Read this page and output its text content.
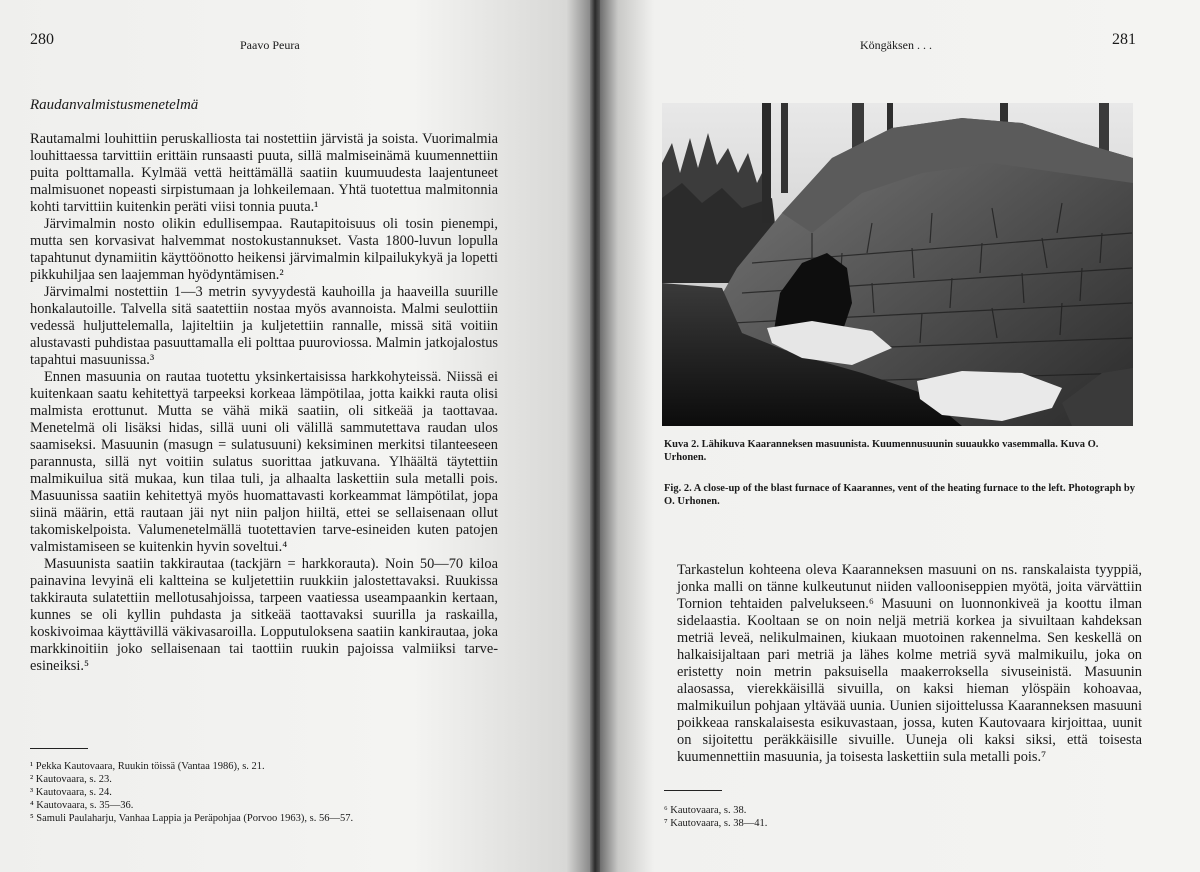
280	Paavo Peura
Raudanvalmistusmenetelmä

Rautamalmi louhittiin peruskalliosta tai nostettiin järvistä ja soista. Vuorimalmia louhittaessa tarvittiin erittäin runsaasti puuta, sillä malmiseinämä kuumennettiin puita polttamalla. Kylmää vettä heittämällä saatiin kuumuudesta laajentuneet malmisuonet nopeasti sirpistumaan ja lohkeilemaan. Yhtä tuotettua malmitonnia kohti tarvittiin kuitenkin peräti viisi tonnia puuta.¹

Järvimalmin nosto olikin edullisempaa. Rautapitoisuus oli tosin pienempi, mutta sen korvasivat halvemmat nostokustannukset. Vasta 1800-luvun lopulla tapahtunut dynamiitin käyttöönotto heikensi järvimalmin kilpailukykyä ja lopetti pikkuhiljaa sen laajemman hyödyntämisen.²

Järvimalmi nostettiin 1—3 metrin syvyydestä kauhoilla ja haaveilla suurille honkalautoille. Talvella sitä saatettiin nostaa myös avannoista. Malmi seulottiin vedessä huljuttelemalla, lajiteltiin ja kuljetettiin rannalle, missä sitä voitiin alustavasti puhdistaa pasuuttamalla eli polttaa puuroviossa. Malmin jatkojalostus tapahtui masuunissa.³

Ennen masuunia on rautaa tuotettu yksinkertaisissa harkkohyteissä. Niissä ei kuitenkaan saatu kehitettyä tarpeeksi korkeaa lämpötilaa, jotta kaikki rauta olisi malmista erottunut. Mutta se vähä mikä saatiin, oli sitkeää ja taottavaa. Menetelmä oli lisäksi hidas, sillä uuni oli välillä sammutettava raudan ulos saamiseksi. Masuunin (masugn = sulatusuuni) keksiminen merkitsi tilanteeseen parannusta, sillä nyt voitiin sulatus suorittaa jatkuvana. Ylhäältä täytettiin malmikuilua sitä mukaa, kun tilaa tuli, ja alhaalta laskettiin sula metalli pois. Masuunissa saatiin kehitettyä myös huomattavasti korkeammat lämpötilat, jopa siinä määrin, että rautaan jäi nyt niin paljon hiiltä, ettei se sellaisenaan ollut takomiskelpoista. Valumenetelmällä tuotettavien tarve-esineiden kuten patojen valmistamiseen se kuitenkin hyvin soveltui.⁴

Masuunista saatiin takkirautaa (tackjärn = harkkorauta). Noin 50—70 kiloa painavina levyinä eli kaltteina se kuljetettiin ruukkiin jalostettavaksi. Ruukissa takkirauta sulatettiin mellotusahjoissa, tarpeen vaatiessa useampaankin kertaan, kunnes se oli kyllin puhdasta ja sitkeää taottavaksi suurilla ja raskailla, koskivoimaa käyttävillä väkivasaroilla. Lopputuloksena saatiin kankirautaa, joka markkinoitiin joko sellaisenaan tai taottiin ruukin pajoissa valmiiksi tarve-esineiksi.⁵

¹ Pekka Kautovaara, Ruukin töissä (Vantaa 1986), s. 21.
² Kautovaara, s. 23.
³ Kautovaara, s. 24.
⁴ Kautovaara, s. 35—36.
⁵ Samuli Paulaharju, Vanhaa Lappia ja Peräpohjaa (Porvoo 1963), s. 56—57.
Köngäksen . . .	281
Kuva 2. Lähikuva Kaaranneksen masuunista. Kuumennusuunin suuaukko vasemmalla. Kuva O. Urhonen.
Fig. 2. A close-up of the blast furnace of Kaarannes, vent of the heating furnace to the left. Photograph by O. Urhonen.

Tarkastelun kohteena oleva Kaaranneksen masuuni on ns. ranskalaista tyyppiä, jonka malli on tänne kulkeutunut niiden vallooniseppien myötä, joita värvättiin Tornion tehtaiden palvelukseen.⁶ Masuuni on luonnonkiveä ja koottu ilman sidelaastia. Kooltaan se on noin neljä metriä korkea ja sivuiltaan kahdeksan metriä leveä, nelikulmainen, kiukaan muotoinen rakennelma. Sen keskellä on halkaisijaltaan pari metriä ja lähes kolme metriä syvä malmikuilu, joka on eristetty noin metrin paksuisella maakerroksella sivuseinistä. Masuunin alaosassa, vierekkäisillä sivuilla, on kaksi hieman ylöspäin kohoavaa, malmikuilun pohjaan yltävää uunia. Uunien sijoittelussa Kaaranneksen masuuni poikkeaa ranskalaisesta esikuvastaan, jossa, kuten Kautovaara kirjoittaa, uunit on sijoitettu peräkkäisille sivuille. Uuneja oli kaksi siksi, että toisesta kuumennettiin masuunia, ja toisesta laskettiin sula metalli pois.⁷

⁶ Kautovaara, s. 38.
⁷ Kautovaara, s. 38—41.
